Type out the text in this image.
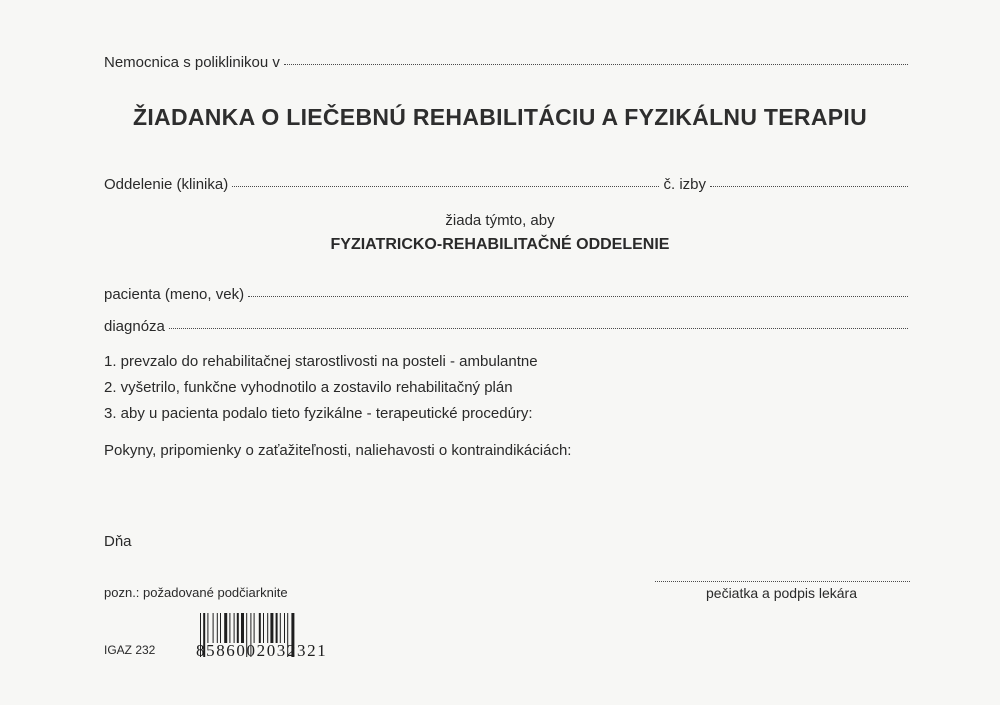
Nemocnica s poliklinikou v
ŽIADANKA O LIEČEBNÚ REHABILITÁCIU A FYZIKÁLNU TERAPIU
Oddelenie (klinika)	č. izby
žiada týmto, aby
FYZIATRICKO-REHABILITAČNÉ ODDELENIE
pacienta (meno, vek)
diagnóza
1. prevzalo do rehabilitačnej starostlivosti na posteli - ambulantne
2. vyšetrilo, funkčne vyhodnotilo a zostavilo rehabilitačný plán
3. aby u pacienta podalo tieto fyzikálne - terapeutické procedúry:
Pokyny, pripomienky o zaťažiteľnosti, naliehavosti o kontraindikáciách:
Dňa
pozn.: požadované podčiarknite	pečiatka a podpis lekára
IGAZ 232 8586002032321
